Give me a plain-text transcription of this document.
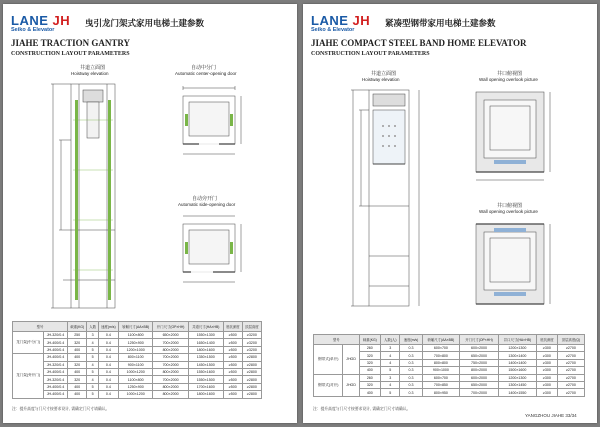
LANE JH
Seiko & Elevator
曳引龙门架式家用电梯土建参数
JIAHE TRACTION GANTRY
CONSTRUCTION LAYOUT PARAMETERS
井道立面图
Hoistway elevation
自动中分门
Automatic center-opening door
自动旁开门
Automatic side-opening door
型号		载重(KG)	人数	速度(m/s)	轿厢尺寸(AA×BB)	开门尺寸(OP×HH)	井道尺寸(HA×HB)	底坑深度	顶层高度
龙门架(中分门)	JH-320/0.4	250	3	0.4	1100×800	650×2000	1550×1300	≥500	≥3200
	JH-400/0.4	320	4	0.4	1250×900	700×2000	1650×1400	≥500	≥3200
	JH-400/0.4	400	5	0.4	1200×1000	800×2000	1800×1600	≥500	≥3200
龙门架(旁开门)	JH-400/0.4	400	5	0.4	800×1100	700×2000	1350×1500	≥500	≥2800
	JH-320/0.4	320	4	0.4	900×1100	700×2000	1450×1500	≥500	≥2800
	JH-400/0.4	400	5	0.4	1000×1200	800×2000	1550×1600	≥500	≥2800
	JH-320/0.4	320	4	0.4	1100×800	700×2000	1550×1500	≥500	≥2800
	JH-400/0.4	400	5	0.4	1250×900	800×2000	1700×1600	≥500	≥2800
	JH-400/0.4	400	5	0.4	1000×1200	800×2000	1800×1600	≥500	≥2800
注：提升高度与门尺寸按要求设计, 需确定门尺寸请确认。
LANE JH
Seiko & Elevator
紧凑型钢带家用电梯土建参数
JIAHE COMPACT STEEL BAND HOME ELEVATOR
CONSTRUCTION LAYOUT PARAMETERS
井道立面图
Hoistway elevation
井口俯视图
Wall opening overlook picture
井口俯视图
Wall opening overlook picture
型号		载重(KG)	人数(人)	速度(m/s)	轿厢尺寸(AA×BB)	开门尺寸(OP×HH)	井口尺寸(HA×HB)	底坑深度	顶层高度(Q)
钢带式(单开)	JHGD	260	3	0.3	600×700	600×2000	1200×1300	≥300	≥2700
		320	4	0.3	700×800	650×2000	1300×1400	≥300	≥2700
		320	4	0.3	800×800	750×2000	1400×1400	≥300	≥2700
		400	5	0.3	900×1000	800×2000	1500×1600	≥300	≥2700
钢带式(对开)	JHGD	260	3	0.3	600×700	600×2000	1200×1300	≥300	≥2700
		320	4	0.3	700×850	650×2000	1300×1450	≥300	≥2700
		400	5	0.3	800×950	700×2000	1400×1550	≥300	≥2700
注：提升高度与门尺寸按要求设计, 需确定门尺寸请确认。
YANGZHOU JIAHE 33/34
